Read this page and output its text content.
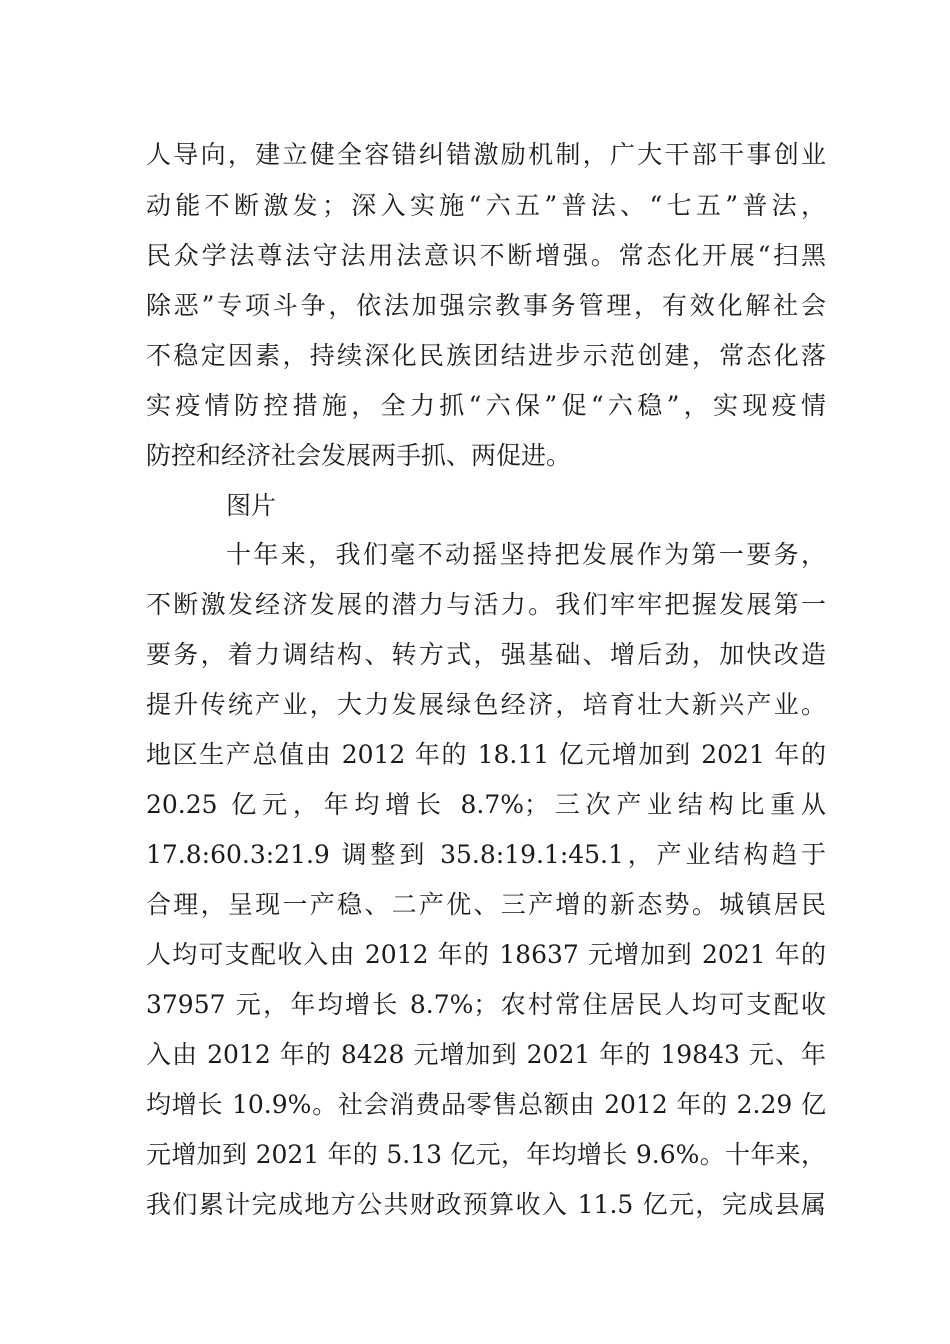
人导向，建立健全容错纠错激励机制，广大干部干事创业
动能不断激发；深入实施“六五”普法、“七五”普法，
民众学法尊法守法用法意识不断增强。常态化开展“扫黑
除恶”专项斗争，依法加强宗教事务管理，有效化解社会
不稳定因素，持续深化民族团结进步示范创建，常态化落
实疫情防控措施，全力抓“六保”促“六稳”，实现疫情
防控和经济社会发展两手抓、两促进。
图片
十年来，我们毫不动摇坚持把发展作为第一要务，
不断激发经济发展的潜力与活力。我们牢牢把握发展第一
要务，着力调结构、转方式，强基础、增后劲，加快改造
提升传统产业，大力发展绿色经济，培育壮大新兴产业。
地区生产总值由 2012 年的 18.11 亿元增加到 2021 年的
20.25 亿元，年均增长 8.7%；三次产业结构比重从
17.8:60.3:21.9 调整到 35.8:19.1:45.1，产业结构趋于
合理，呈现一产稳、二产优、三产增的新态势。城镇居民
人均可支配收入由 2012 年的 18637 元增加到 2021 年的
37957 元，年均增长 8.7%；农村常住居民人均可支配收
入由 2012 年的 8428 元增加到 2021 年的 19843 元、年
均增长 10.9%。社会消费品零售总额由 2012 年的 2.29 亿
元增加到 2021 年的 5.13 亿元，年均增长 9.6%。十年来，
我们累计完成地方公共财政预算收入 11.5 亿元，完成县属
